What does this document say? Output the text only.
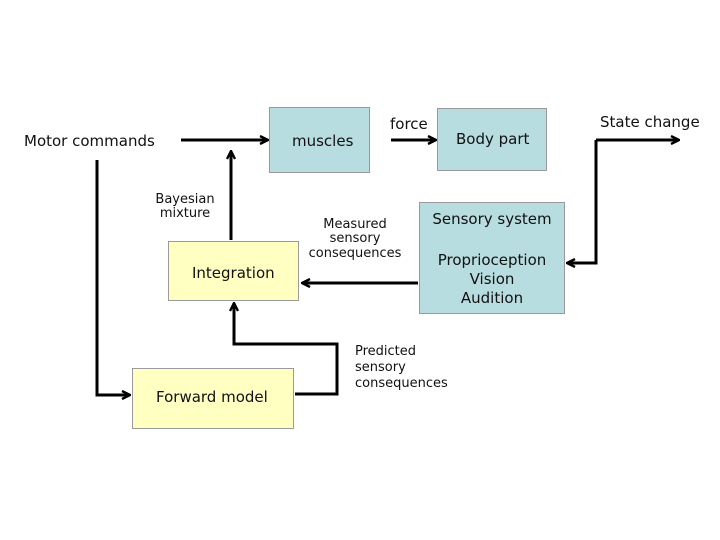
Motor commands	muscles
force
Body part
State change
Bayesian
mixture
Measured
sensory
consequences
Sensory system
Proprioception
Vision
Audition
Integration
Predicted
sensory
consequences
Forward model
